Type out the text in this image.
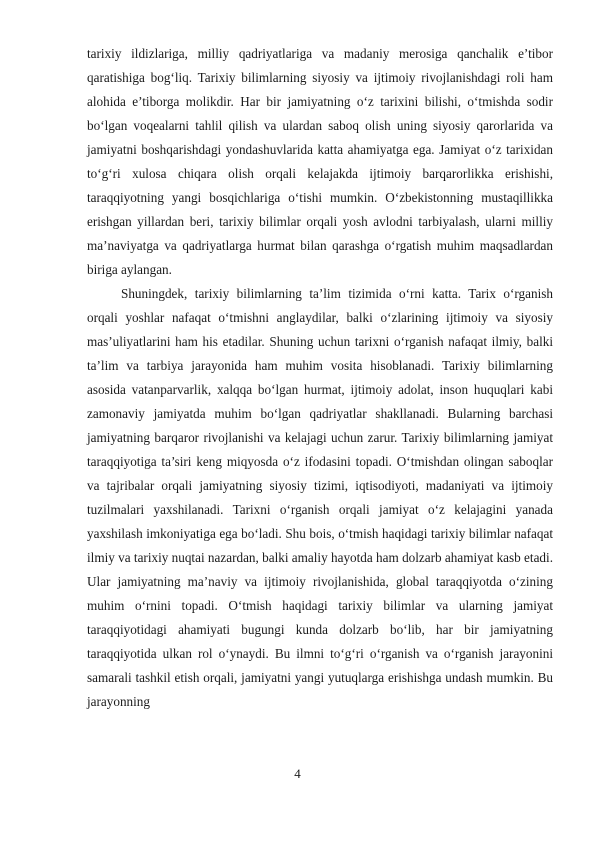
tarixiy ildizlariga, milliy qadriyatlariga va madaniy merosiga qanchalik e’tibor qaratishiga bog‘liq. Tarixiy bilimlarning siyosiy va ijtimoiy rivojlanishdagi roli ham alohida e’tiborga molikdir. Har bir jamiyatning o‘z tarixini bilishi, o‘tmishda sodir bo‘lgan voqealarni tahlil qilish va ulardan saboq olish uning siyosiy qarorlarida va jamiyatni boshqarishdagi yondashuvlarida katta ahamiyatga ega. Jamiyat o‘z tarixidan to‘g‘ri xulosa chiqara olish orqali kelajakda ijtimoiy barqarorlikka erishishi, taraqqiyotning yangi bosqichlariga o‘tishi mumkin. O‘zbekistonning mustaqillikka erishgan yillardan beri, tarixiy bilimlar orqali yosh avlodni tarbiyalash, ularni milliy ma’naviyatga va qadriyatlarga hurmat bilan qarashga o‘rgatish muhim maqsadlardan biriga aylangan.

Shuningdek, tarixiy bilimlarning ta’lim tizimida o‘rni katta. Tarix o‘rganish orqali yoshlar nafaqat o‘tmishni anglaydilar, balki o‘zlarining ijtimoiy va siyosiy mas’uliyatlarini ham his etadilar. Shuning uchun tarixni o‘rganish nafaqat ilmiy, balki ta’lim va tarbiya jarayonida ham muhim vosita hisoblanadi. Tarixiy bilimlarning asosida vatanparvarlik, xalqqa bo‘lgan hurmat, ijtimoiy adolat, inson huquqlari kabi zamonaviy jamiyatda muhim bo‘lgan qadriyatlar shakllanadi. Bularning barchasi jamiyatning barqaror rivojlanishi va kelajagi uchun zarur. Tarixiy bilimlarning jamiyat taraqqiyotiga ta’siri keng miqyosda o‘z ifodasini topadi. O‘tmishdan olingan saboqlar va tajribalar orqali jamiyatning siyosiy tizimi, iqtisodiyoti, madaniyati va ijtimoiy tuzilmalari yaxshilanadi. Tarixni o‘rganish orqali jamiyat o‘z kelajagini yanada yaxshilash imkoniyatiga ega bo‘ladi. Shu bois, o‘tmish haqidagi tarixiy bilimlar nafaqat ilmiy va tarixiy nuqtai nazardan, balki amaliy hayotda ham dolzarb ahamiyat kasb etadi. Ular jamiyatning ma’naviy va ijtimoiy rivojlanishida, global taraqqiyotda o‘zining muhim o‘rnini topadi. O‘tmish haqidagi tarixiy bilimlar va ularning jamiyat taraqqiyotidagi ahamiyati bugungi kunda dolzarb bo‘lib, har bir jamiyatning taraqqiyotida ulkan rol o‘ynaydi. Bu ilmni to‘g‘ri o‘rganish va o‘rganish jarayonini samarali tashkil etish orqali, jamiyatni yangi yutuqlarga erishishga undash mumkin. Bu jarayonning

4
